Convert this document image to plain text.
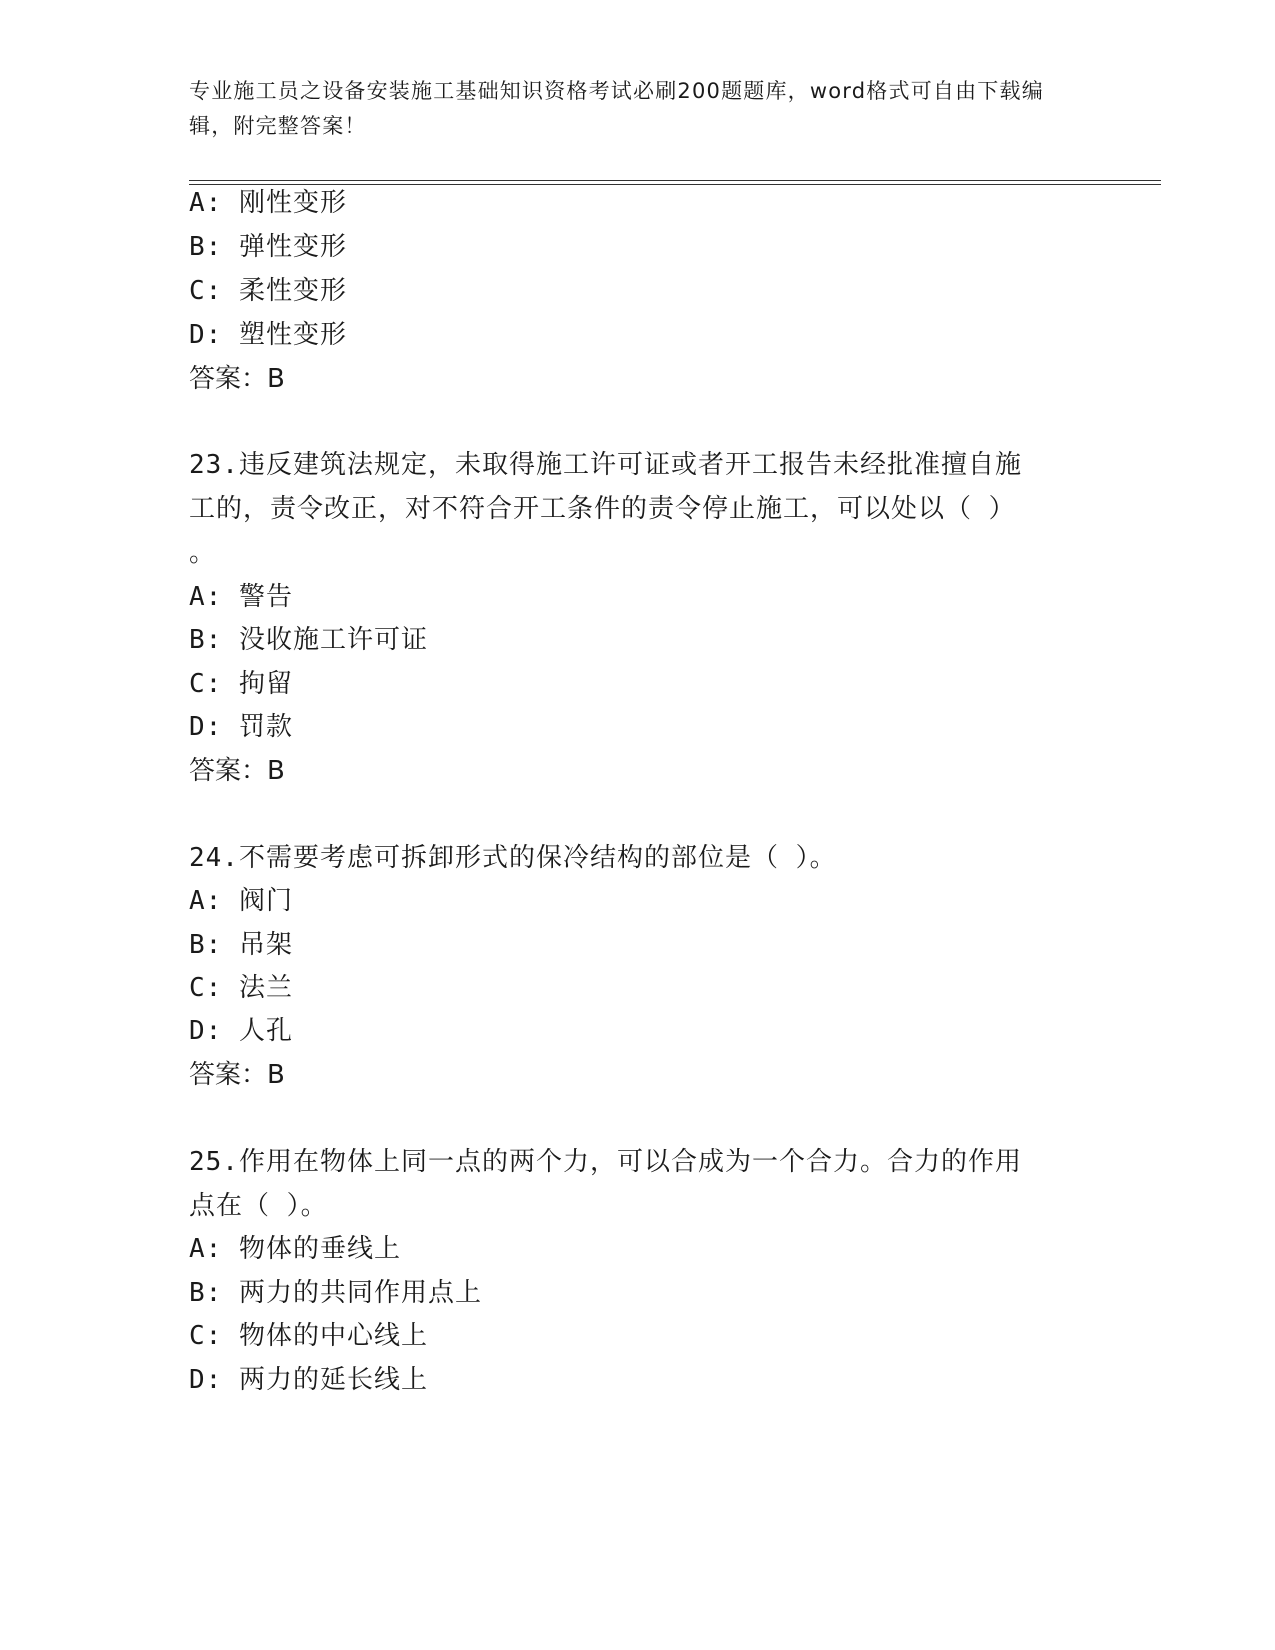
专业施工员之设备安装施工基础知识资格考试必刷200题题库，word格式可自由下载编辑，附完整答案！
A: 刚性变形
B: 弹性变形
C: 柔性变形
D: 塑性变形
答案：B
23.违反建筑法规定，未取得施工许可证或者开工报告未经批准擅自施
工的，责令改正，对不符合开工条件的责令停止施工，可以处以（ ）
。
A: 警告
B: 没收施工许可证
C: 拘留
D: 罚款
答案：B
24.不需要考虑可拆卸形式的保冷结构的部位是（ ）。
A: 阀门
B: 吊架
C: 法兰
D: 人孔
答案：B
25.作用在物体上同一点的两个力，可以合成为一个合力。合力的作用
点在（ ）。
A: 物体的垂线上
B: 两力的共同作用点上
C: 物体的中心线上
D: 两力的延长线上
